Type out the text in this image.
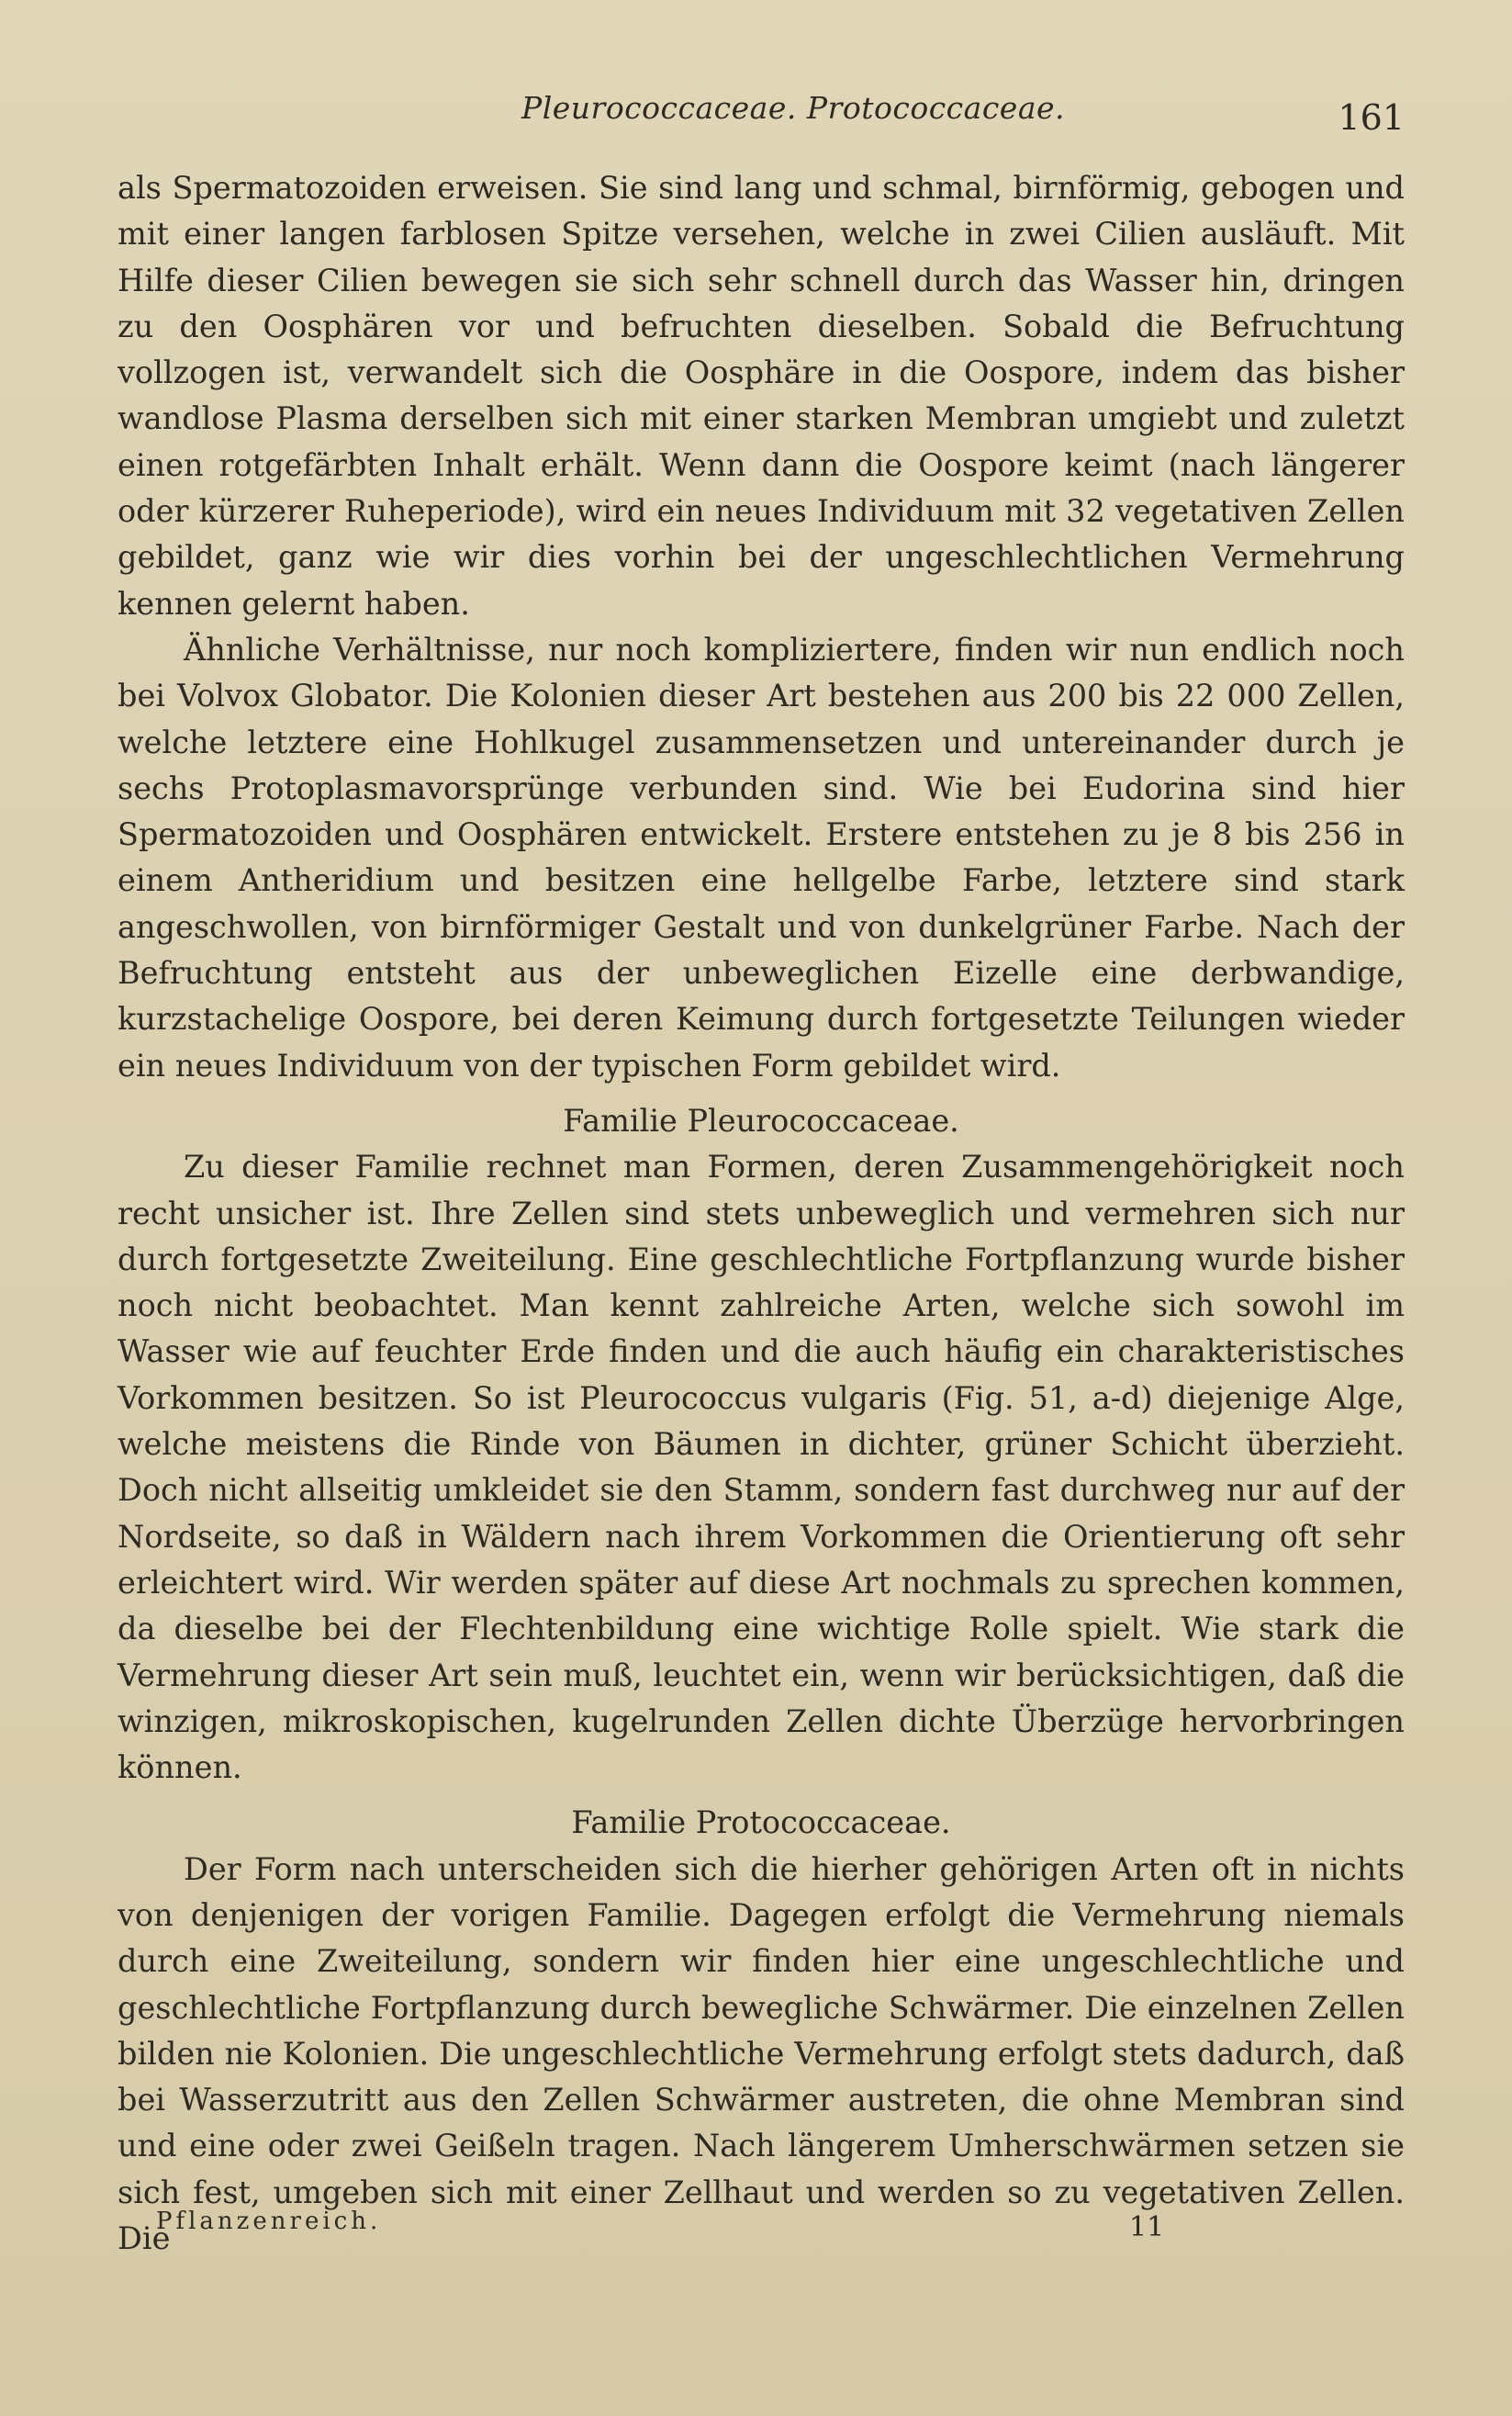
Pleurococcaceae. Protococcaceae.	161

als Spermatozoiden erweisen. Sie sind lang und schmal, birnförmig, gebogen und mit einer langen farblosen Spitze versehen, welche in zwei Cilien ausläuft. Mit Hilfe dieser Cilien bewegen sie sich sehr schnell durch das Wasser hin, dringen zu den Oosphären vor und befruchten dieselben. Sobald die Befruchtung vollzogen ist, verwandelt sich die Oosphäre in die Oospore, indem das bisher wandlose Plasma derselben sich mit einer starken Membran umgiebt und zuletzt einen rotgefärbten Inhalt erhält. Wenn dann die Oospore keimt (nach längerer oder kürzerer Ruheperiode), wird ein neues Individuum mit 32 vegetativen Zellen gebildet, ganz wie wir dies vorhin bei der ungeschlechtlichen Vermehrung kennen gelernt haben.

Ähnliche Verhältnisse, nur noch kompliziertere, finden wir nun endlich noch bei Volvox Globator. Die Kolonien dieser Art bestehen aus 200 bis 22 000 Zellen, welche letztere eine Hohlkugel zusammensetzen und untereinander durch je sechs Protoplasmavorsprünge verbunden sind. Wie bei Eudorina sind hier Spermatozoiden und Oosphären entwickelt. Erstere entstehen zu je 8 bis 256 in einem Antheridium und besitzen eine hellgelbe Farbe, letztere sind stark angeschwollen, von birnförmiger Gestalt und von dunkelgrüner Farbe. Nach der Befruchtung entsteht aus der unbeweglichen Eizelle eine derbwandige, kurzstachelige Oospore, bei deren Keimung durch fortgesetzte Teilungen wieder ein neues Individuum von der typischen Form gebildet wird.

Familie Pleurococcaceae.

Zu dieser Familie rechnet man Formen, deren Zusammengehörigkeit noch recht unsicher ist. Ihre Zellen sind stets unbeweglich und vermehren sich nur durch fortgesetzte Zweiteilung. Eine geschlechtliche Fortpflanzung wurde bisher noch nicht beobachtet. Man kennt zahlreiche Arten, welche sich sowohl im Wasser wie auf feuchter Erde finden und die auch häufig ein charakteristisches Vorkommen besitzen. So ist Pleurococcus vulgaris (Fig. 51, a-d) diejenige Alge, welche meistens die Rinde von Bäumen in dichter, grüner Schicht überzieht. Doch nicht allseitig umkleidet sie den Stamm, sondern fast durchweg nur auf der Nordseite, so daß in Wäldern nach ihrem Vorkommen die Orientierung oft sehr erleichtert wird. Wir werden später auf diese Art nochmals zu sprechen kommen, da dieselbe bei der Flechtenbildung eine wichtige Rolle spielt. Wie stark die Vermehrung dieser Art sein muß, leuchtet ein, wenn wir berücksichtigen, daß die winzigen, mikroskopischen, kugelrunden Zellen dichte Überzüge hervorbringen können.

Familie Protococcaceae.

Der Form nach unterscheiden sich die hierher gehörigen Arten oft in nichts von denjenigen der vorigen Familie. Dagegen erfolgt die Vermehrung niemals durch eine Zweiteilung, sondern wir finden hier eine ungeschlechtliche und geschlechtliche Fortpflanzung durch bewegliche Schwärmer. Die einzelnen Zellen bilden nie Kolonien. Die ungeschlechtliche Vermehrung erfolgt stets dadurch, daß bei Wasserzutritt aus den Zellen Schwärmer austreten, die ohne Membran sind und eine oder zwei Geißeln tragen. Nach längerem Umherschwärmen setzen sie sich fest, umgeben sich mit einer Zellhaut und werden so zu vegetativen Zellen. Die

Pflanzenreich.	11
